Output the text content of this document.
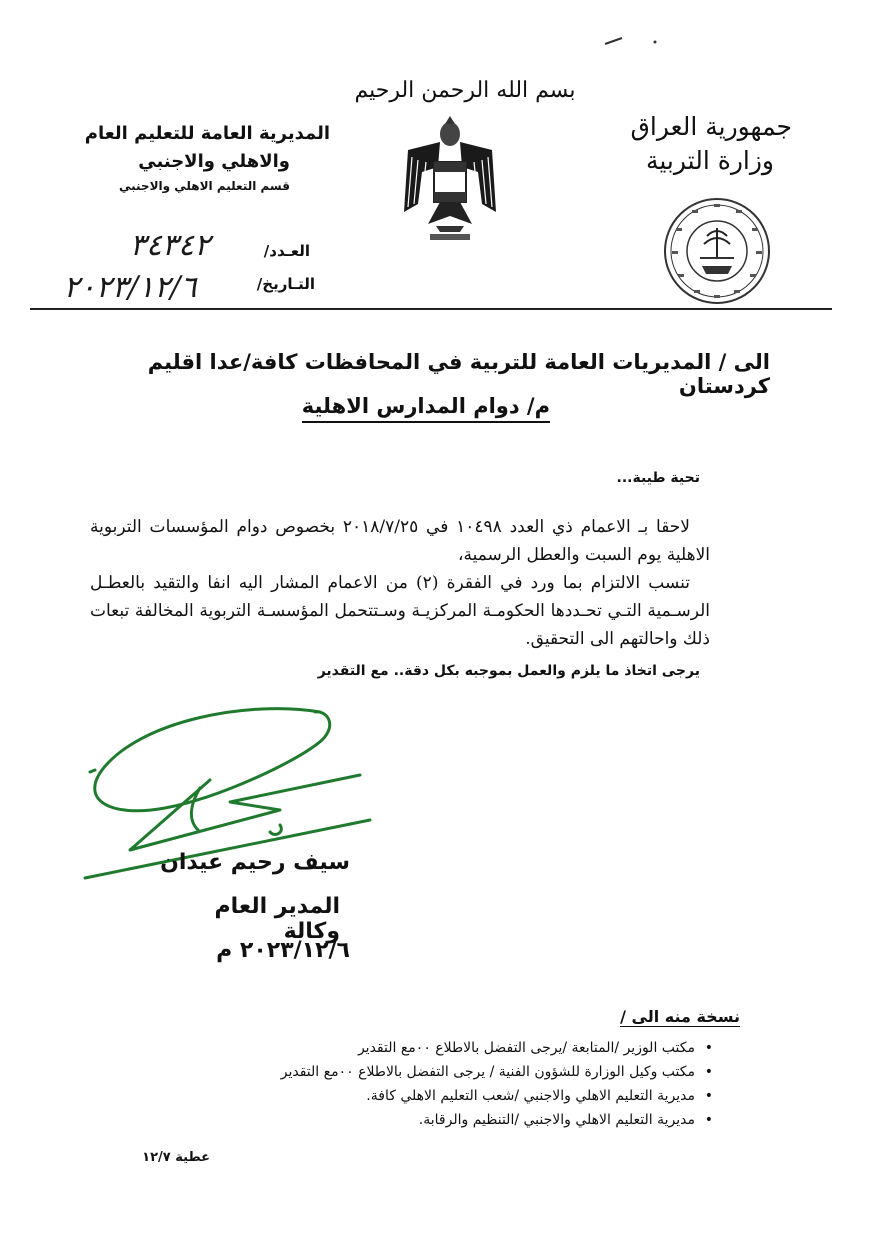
بسم الله الرحمن الرحيم
جمهورية العراق
وزارة التربية
المديرية العامة للتعليم العام
والاهلي والاجنبي
قسم التعليم الاهلي والاجنبي
العـدد/
٣٤٣٤٢
التـاريخ/
٢٠٢٣/١٢/٦
الى / المديريات العامة للتربية في المحافظات كافة/عدا اقليم كردستان
م/ دوام المدارس الاهلية
تحية طيبة...

لاحقا بـ الاعمام ذي العدد ١٠٤٩٨ في ٢٠١٨/٧/٢٥ بخصوص دوام المؤسسات التربوية الاهلية يوم السبت والعطل الرسمية،

تنسب الالتزام بما ورد في الفقرة (٢) من الاعمام المشار اليه انفا والتقيد بالعطـل الرسـمية التـي تحـددها الحكومـة المركزيـة وسـتتحمل المؤسسـة التربوية المخالفة تبعات ذلك واحالتهم الى التحقيق.

يرجى اتخاذ ما يلزم والعمل بموجبه بكل دقة.. مع التقدير
سيف رحيم عيدان
المدير العام وكالة
٢٠٢٣/١٢/٦ م
نسخة منه الى /
• مكتب الوزير /المتابعة /يرجى التفضل بالاطلاع ٠٠مع التقدير
• مكتب وكيل الوزارة للشؤون الفنية / يرجى التفضل بالاطلاع ٠٠مع التقدير
• مديرية التعليم الاهلي والاجنبي /شعب التعليم الاهلي كافة.
• مديرية التعليم الاهلي والاجنبي /التنظيم والرقابة.
عطية ١٢/٧
